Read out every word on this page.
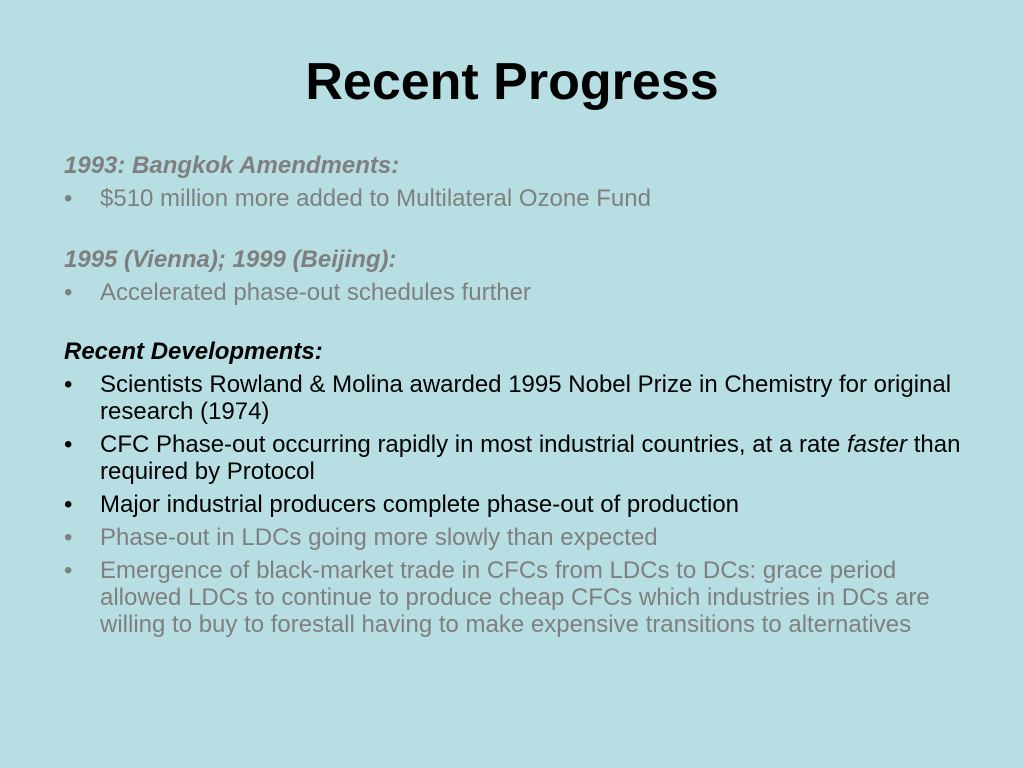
Recent Progress

1993: Bangkok Amendments:

• $510 million more added to Multilateral Ozone Fund

1995 (Vienna); 1999 (Beijing):

• Accelerated phase-out schedules further

Recent Developments:

• Scientists Rowland & Molina awarded 1995 Nobel Prize in Chemistry for original research (1974)
• CFC Phase-out occurring rapidly in most industrial countries, at a rate faster than required by Protocol
• Major industrial producers complete phase-out of production
• Phase-out in LDCs going more slowly than expected
• Emergence of black-market trade in CFCs from LDCs to DCs: grace period allowed LDCs to continue to produce cheap CFCs which industries in DCs are willing to buy to forestall having to make expensive transitions to alternatives
